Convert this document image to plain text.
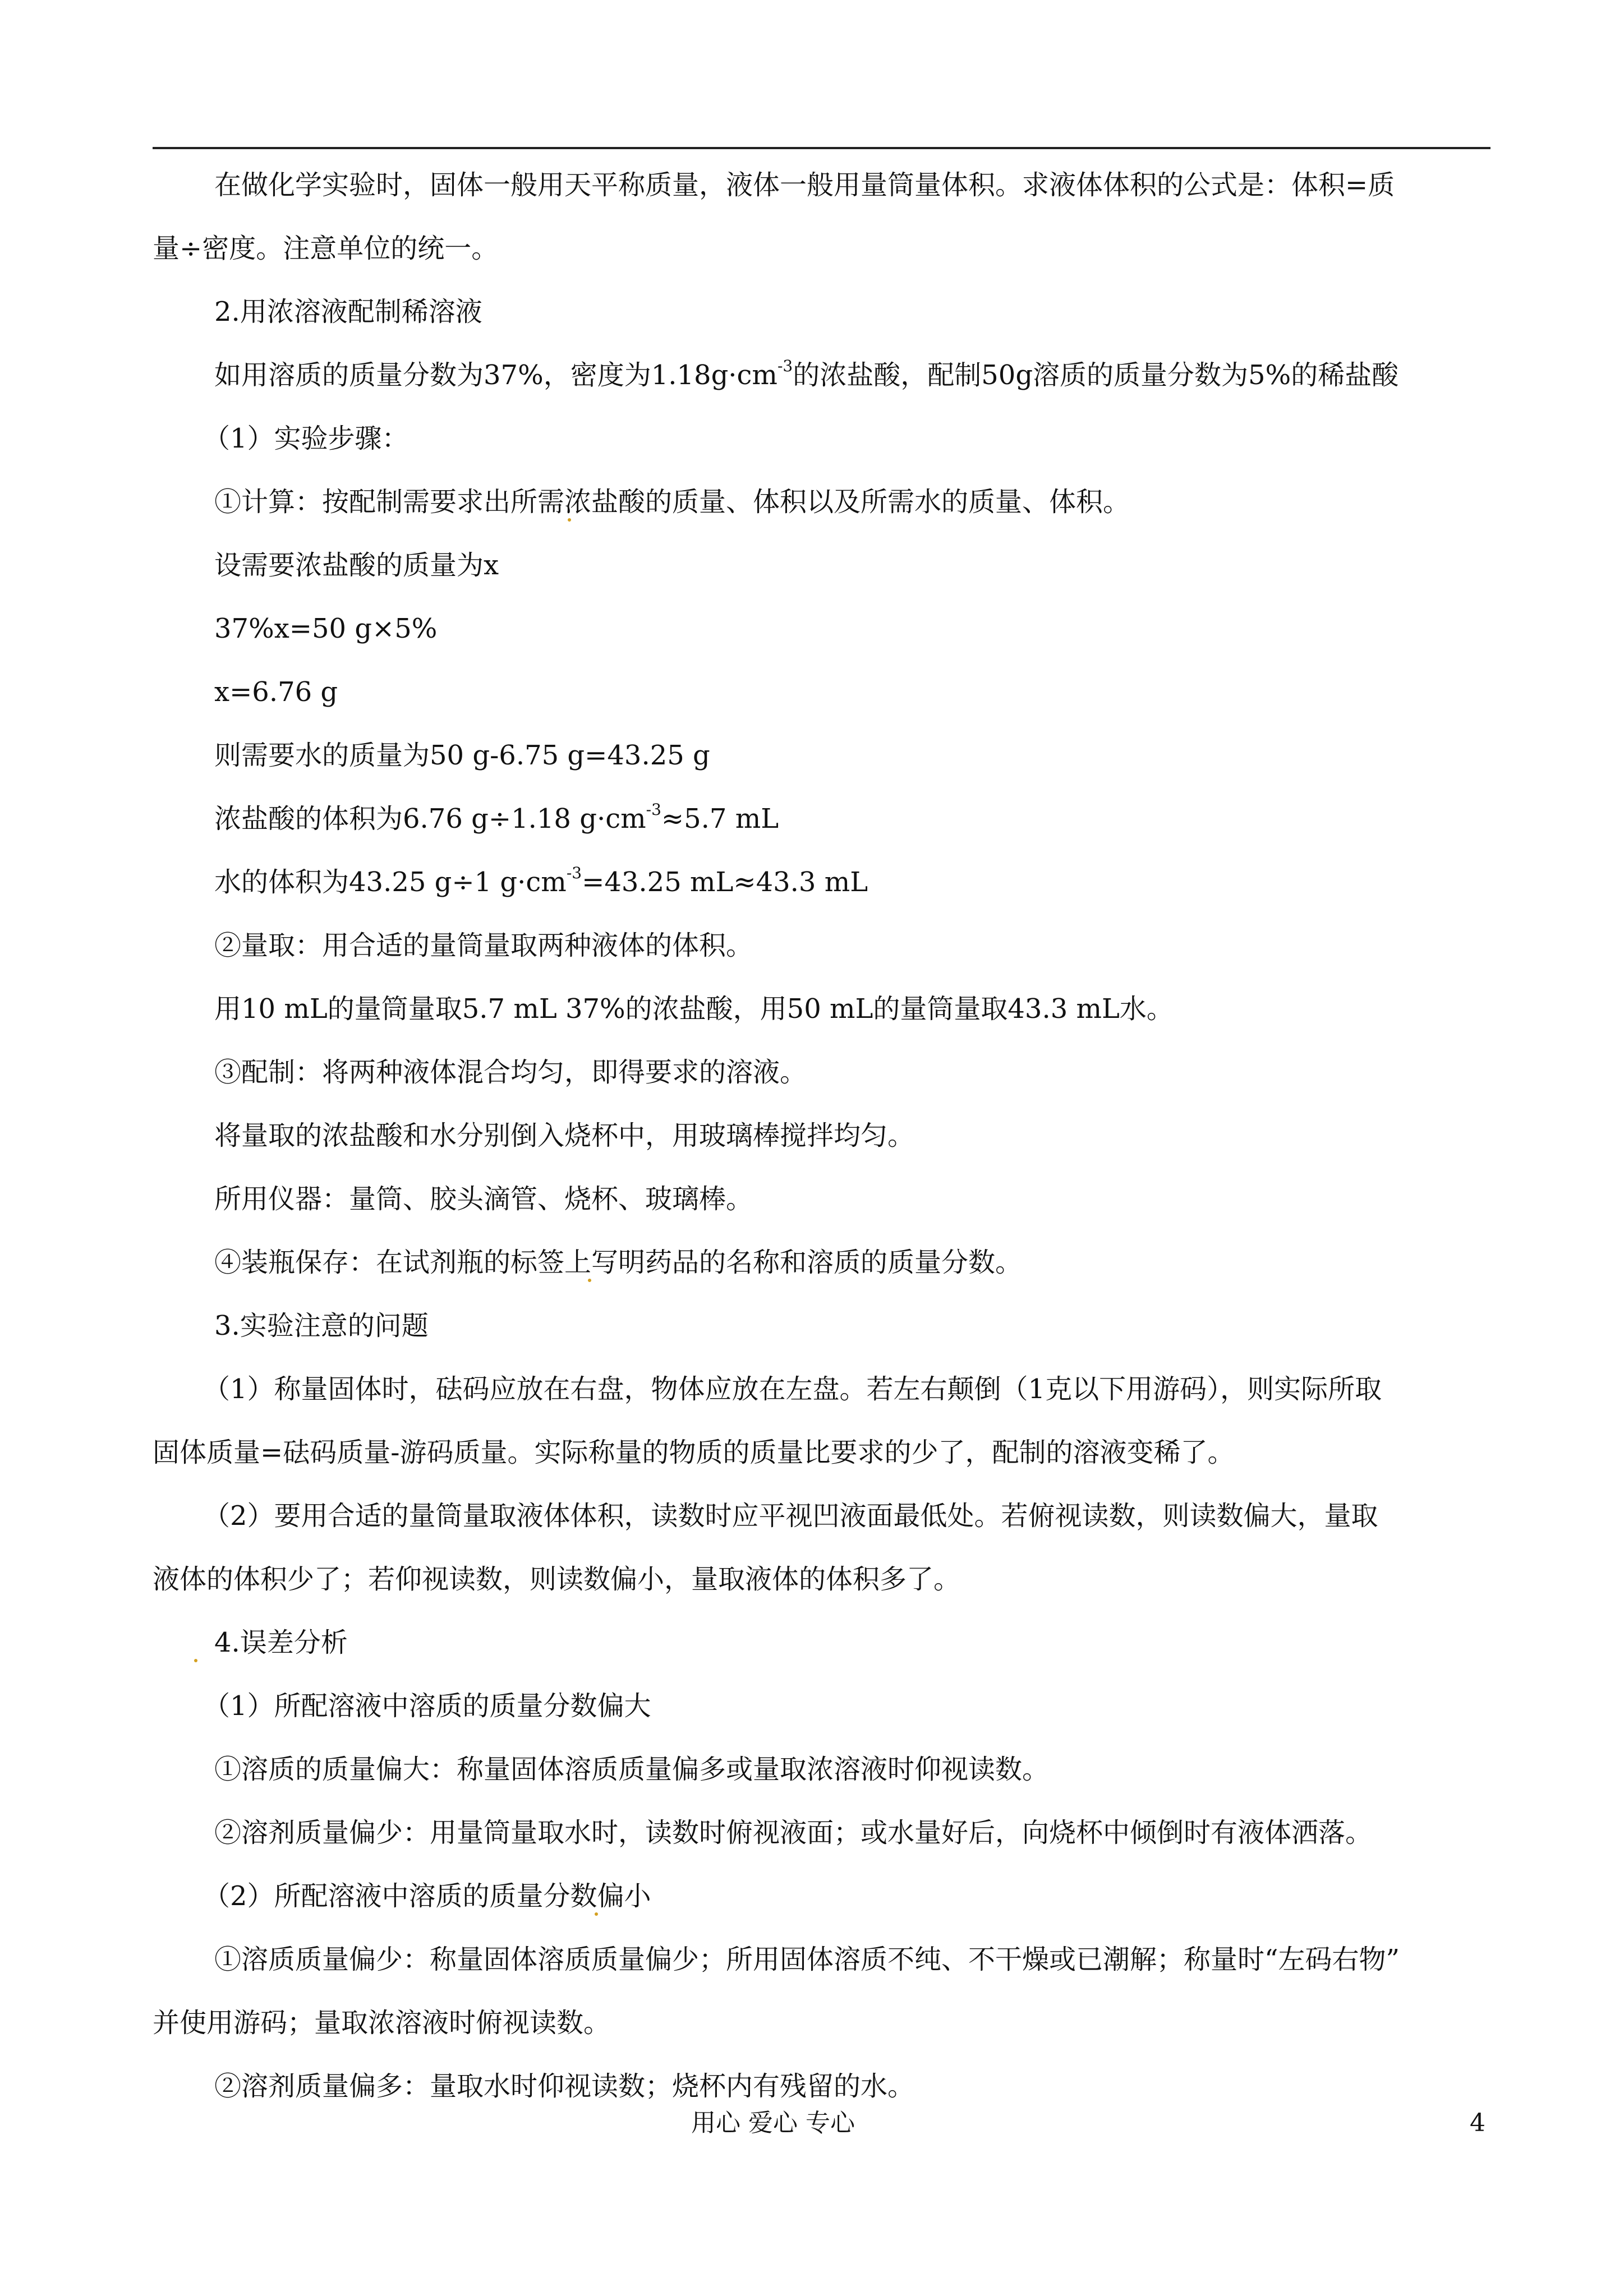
在做化学实验时，固体一般用天平称质量，液体一般用量筒量体积。求液体体积的公式是：体积=质
量÷密度。注意单位的统一。
2.用浓溶液配制稀溶液
如用溶质的质量分数为37%，密度为$1.18g\cdot cm^{-3}$的浓盐酸，配制50g溶质的质量分数为5%的稀盐酸
（1）实验步骤：
①计算：按配制需要求出所需浓盐酸的质量、体积以及所需水的质量、体积。
设需要浓盐酸的质量为x
37%x=50 g×5%
x=6.76 g
则需要水的质量为50 g-6.75 g=43.25 g
浓盐酸的体积为6.76 g÷1.18 $g\cdot cm^{-3}\approx 5.7$ mL
水的体积为43.25 g÷1 $g\cdot cm^{-3}=43.25$ mL≈43.3 mL
②量取：用合适的量筒量取两种液体的体积。
用10 mL的量筒量取5.7 mL 37%的浓盐酸，用50 mL的量筒量取43.3 mL水。
③配制：将两种液体混合均匀，即得要求的溶液。
将量取的浓盐酸和水分别倒入烧杯中，用玻璃棒搅拌均匀。
所用仪器：量筒、胶头滴管、烧杯、玻璃棒。
④装瓶保存：在试剂瓶的标签上写明药品的名称和溶质的质量分数。
3.实验注意的问题
（1）称量固体时，砝码应放在右盘，物体应放在左盘。若左右颠倒（1克以下用游码），则实际所取
固体质量=砝码质量-游码质量。实际称量的物质的质量比要求的少了，配制的溶液变稀了。
（2）要用合适的量筒量取液体体积，读数时应平视凹液面最低处。若俯视读数，则读数偏大，量取
液体的体积少了；若仰视读数，则读数偏小，量取液体的体积多了。
4.误差分析
（1）所配溶液中溶质的质量分数偏大
①溶质的质量偏大：称量固体溶质质量偏多或量取浓溶液时仰视读数。
②溶剂质量偏少：用量筒量取水时，读数时俯视液面；或水量好后，向烧杯中倾倒时有液体洒落。
（2）所配溶液中溶质的质量分数偏小
①溶质质量偏少：称量固体溶质质量偏少；所用固体溶质不纯、不干燥或已潮解；称量时“左码右物”
并使用游码；量取浓溶液时俯视读数。
②溶剂质量偏多：量取水时仰视读数；烧杯内有残留的水。
用心 爱心 专心	4
